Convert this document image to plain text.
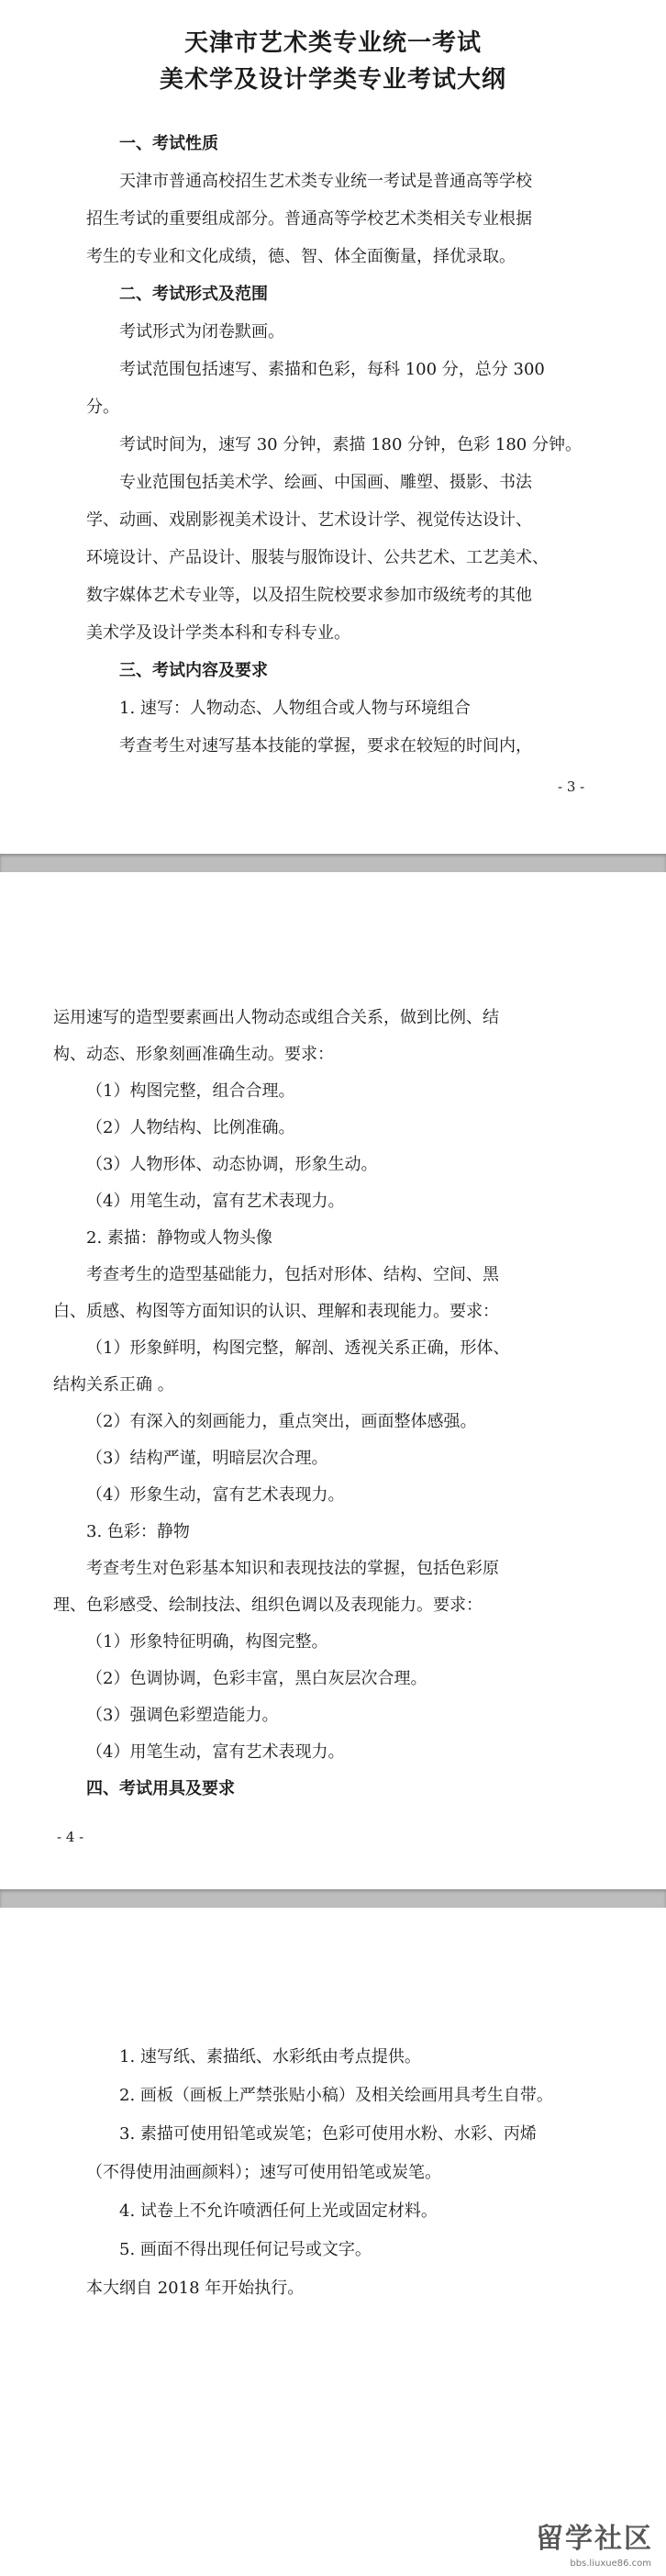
天津市艺术类专业统一考试
美术学及设计学类专业考试大纲
一、考试性质
天津市普通高校招生艺术类专业统一考试是普通高等学校
招生考试的重要组成部分。普通高等学校艺术类相关专业根据
考生的专业和文化成绩，德、智、体全面衡量，择优录取。
二、考试形式及范围
考试形式为闭卷默画。
考试范围包括速写、素描和色彩，每科 100 分，总分 300
分。
考试时间为，速写 30 分钟，素描 180 分钟，色彩 180 分钟。
专业范围包括美术学、绘画、中国画、雕塑、摄影、书法
学、动画、戏剧影视美术设计、艺术设计学、视觉传达设计、
环境设计、产品设计、服装与服饰设计、公共艺术、工艺美术、
数字媒体艺术专业等，以及招生院校要求参加市级统考的其他
美术学及设计学类本科和专科专业。
三、考试内容及要求
1. 速写：人物动态、人物组合或人物与环境组合
考查考生对速写基本技能的掌握，要求在较短的时间内，
- 3 -
运用速写的造型要素画出人物动态或组合关系，做到比例、结
构、动态、形象刻画准确生动。要求：
（1）构图完整，组合合理。
（2）人物结构、比例准确。
（3）人物形体、动态协调，形象生动。
（4）用笔生动，富有艺术表现力。
2. 素描：静物或人物头像
考查考生的造型基础能力，包括对形体、结构、空间、黑
白、质感、构图等方面知识的认识、理解和表现能力。要求：
（1）形象鲜明，构图完整，解剖、透视关系正确，形体、
结构关系正确 。
（2）有深入的刻画能力，重点突出，画面整体感强。
（3）结构严谨，明暗层次合理。
（4）形象生动，富有艺术表现力。
3. 色彩：静物
考查考生对色彩基本知识和表现技法的掌握，包括色彩原
理、色彩感受、绘制技法、组织色调以及表现能力。要求：
（1）形象特征明确，构图完整。
（2）色调协调，色彩丰富，黑白灰层次合理。
（3）强调色彩塑造能力。
（4）用笔生动，富有艺术表现力。
四、考试用具及要求
- 4 -
1. 速写纸、素描纸、水彩纸由考点提供。
2. 画板（画板上严禁张贴小稿）及相关绘画用具考生自带。
3. 素描可使用铅笔或炭笔；色彩可使用水粉、水彩、丙烯
（不得使用油画颜料）；速写可使用铅笔或炭笔。
4. 试卷上不允许喷洒任何上光或固定材料。
5. 画面不得出现任何记号或文字。
本大纲自 2018 年开始执行。
留学社区
bbs.liuxue86.com
